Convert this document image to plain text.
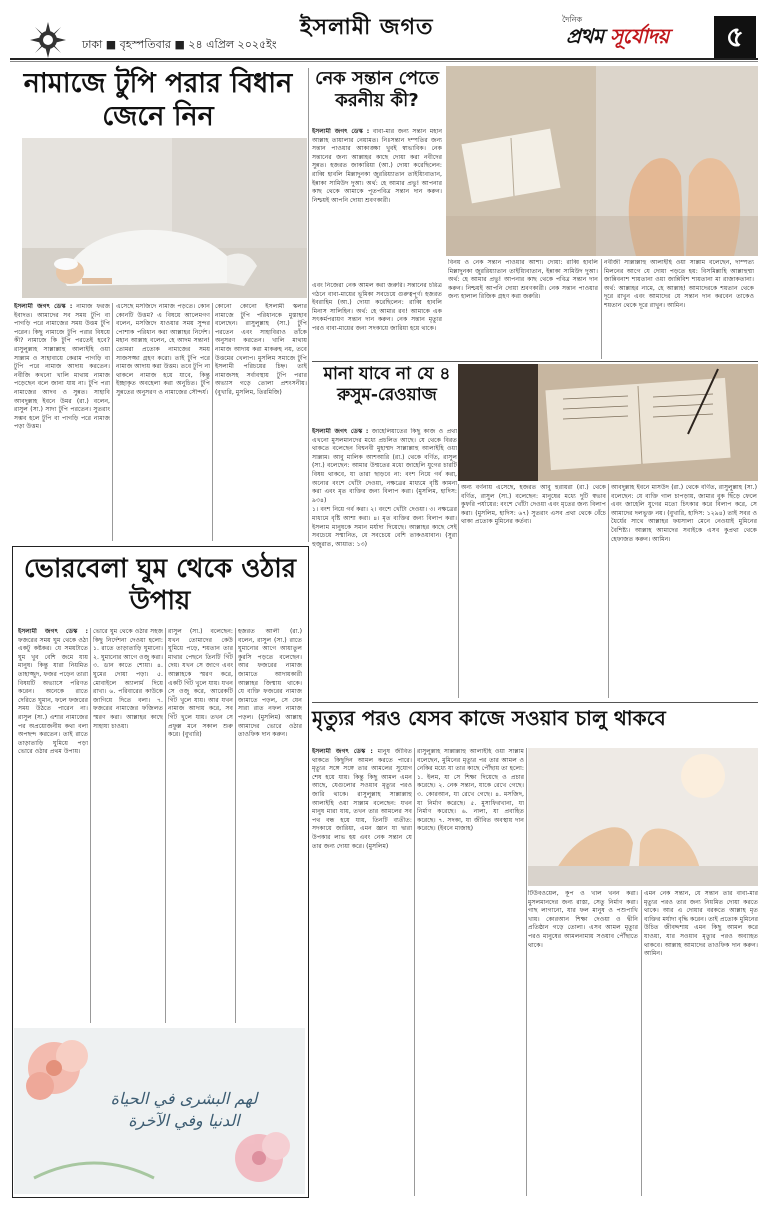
ঢাকা ■ বৃহস্পতিবার ■ ২৪ এপ্রিল ২০২৫ইং
ইসলামী জগত	দৈনিক
প্রথম সূর্যোদয়	৫
নামাজে টুপি পরার বিধান জেনে নিন

ইসলামী জগৎ ডেস্ক : নামাজ ফরজ ইবাদত। আমাদের সব সময় টুপি বা পাগড়ি পরে নামাজের সময় উত্তম টুপি পরেন। কিছু নামাজে টুপি পরার বিষয়ে কী? নামাজে কি টুপি পরতেই হবে? রাসুলুল্লাহ সাল্লাল্লাহু আলাইহি ওয়া সাল্লাম ও সাহাবায়ে কেরাম পাগড়ি বা টুপি পরে নামাজ আদায় করতেন। নবীজি কখনো খালি মাথায় নামাজ পড়েছেন বলে জানা যায় না। টুপি পরা নামাজের আদব ও সুন্নত। সাহাবি আবদুল্লাহ ইবনে উমর (রা.) বলেন, রাসুল (সা.) সাদা টুপি পরতেন। সুতরাং সম্ভব হলে টুপি বা পাগড়ি পরে নামাজ পড়া উত্তম।

এসেছে মসজিদে নামাজ পড়তে। কোন কোনটি উত্তম? এ বিষয়ে আলেমগণ বলেন, মসজিদে যাওয়ার সময় সুন্দর পোশাক পরিধান করা আল্লাহর নির্দেশ। মহান আল্লাহ বলেন, হে আদম সন্তান! তোমরা প্রত্যেক নামাজের সময় সাজসজ্জা গ্রহণ করো। তাই টুপি পরে নামাজ আদায় করা উত্তম। তবে টুপি না থাকলে নামাজ হয়ে যাবে, কিন্তু ইচ্ছাকৃত অবহেলা করা অনুচিত। টুপি সুন্নতের অনুসরণ ও নামাজের সৌন্দর্য।

কোনো কোনো ইসলামী স্কলার নামাজে টুপি পরিধানকে মুস্তাহাব বলেছেন। রাসুলুল্লাহ (সা.) টুপি পরতেন এবং সাহাবিরাও তাঁকে অনুসরণ করতেন। খালি মাথায় নামাজ আদায় করা মাকরুহ নয়, তবে উত্তমের খেলাপ। মুসলিম সমাজে টুপি ইসলামী পরিচয়ের চিহ্ন। তাই নামাজসহ সর্বাবস্থায় টুপি পরার অভ্যাস গড়ে তোলা প্রশংসনীয়। (বুখারি, মুসলিম, তিরমিজি)

নেক সন্তান পেতে করনীয় কী?

ইসলামী জগৎ ডেস্ক : বাবা-মার জন্য সন্তান মহান আল্লাহ তায়ালার নেয়ামত। নিঃসন্তান দম্পতির জন্য সন্তান পাওয়ার আকাঙ্ক্ষা খুবই স্বাভাবিক। নেক সন্তানের জন্য আল্লাহর কাছে দোয়া করা নবীদের সুন্নত। হজরত জাকারিয়া (আ.) দোয়া করেছিলেন: রাব্বি হাবলি মিল্লাদুনকা জুররিয়্যাতান তাইয়্যিবাতান, ইন্নাকা সামিউদ দুআ। অর্থ: হে আমার প্রভু! আপনার কাছ থেকে আমাকে পূতপবিত্র সন্তান দান করুন। নিশ্চয়ই আপনি দোয়া শ্রবণকারী।

এবং নিজেরা নেক আমল করা জরুরি। সন্তানের চরিত্র গঠনে বাবা-মায়ের ভূমিকা সবচেয়ে গুরুত্বপূর্ণ। হজরত ইবরাহিম (আ.) দোয়া করেছিলেন: রাব্বি হাবলি মিনাস সালিহিন। অর্থ: হে আমার রব! আমাকে এক সৎকর্মপরায়ণ সন্তান দান করুন। নেক সন্তান মৃত্যুর পরও বাবা-মায়ের জন্য সদকায়ে জারিয়া হয়ে থাকে।

বিনয় ও নেক সন্তান পাওয়ার আশা। দোয়া: রাব্বি হাবলি মিল্লাদুনকা জুররিয়্যাতান তাইয়্যিবাতান, ইন্নাকা সামিউদ দুআ। অর্থ: হে আমার প্রভু! আপনার কাছ থেকে পবিত্র সন্তান দান করুন। নিশ্চয়ই আপনি দোয়া শ্রবণকারী। নেক সন্তান পাওয়ার জন্য হালাল রিজিক গ্রহণ করা জরুরি।

নবীজী সাল্লাল্লাহু আলাইহি ওয়া সাল্লাম বলেছেন, দাম্পত্য মিলনের আগে যে দোয়া পড়তে হয়: বিসমিল্লাহি আল্লাহুম্মা জান্নিবনাশ শায়তানা ওয়া জান্নিবিশ শায়তানা মা রাজাকতানা। অর্থ: আল্লাহর নামে, হে আল্লাহ! আমাদেরকে শয়তান থেকে দূরে রাখুন এবং আমাদের যে সন্তান দান করবেন তাকেও শয়তান থেকে দূরে রাখুন। আমিন।

মানা যাবে না যে ৪ রুসুম-রেওয়াজ

ইসলামী জগৎ ডেস্ক : জাহেলিয়াতের কিছু কাজ ও প্রথা এখনো মুসলমানদের মধ্যে প্রচলিত আছে। যে থেকে বিরত থাকতে বলেছেন বিশ্বনবী মুহাম্মদ সাল্লাল্লাহু আলাইহি ওয়া সাল্লাম। আবু মালিক আশআরি (রা.) থেকে বর্ণিত, রাসুল (সা.) বলেছেন: আমার উম্মতের মধ্যে জাহেলি যুগের চারটি বিষয় থাকবে, যা তারা ছাড়বে না: বংশ নিয়ে গর্ব করা, অন্যের বংশে খোঁটা দেওয়া, নক্ষত্রের মাধ্যমে বৃষ্টি কামনা করা এবং মৃত ব্যক্তির জন্য বিলাপ করা। (মুসলিম, হাদিস: ৯৩৪)

১। বংশ নিয়ে গর্ব করা। ২। বংশে খোঁটা দেওয়া। ৩। নক্ষত্রের মাধ্যমে বৃষ্টি আশা করা। ৪। মৃত ব্যক্তির জন্য বিলাপ করা। ইসলাম মানুষকে সমান মর্যাদা দিয়েছে। আল্লাহর কাছে সেই সবচেয়ে সম্মানিত, যে সবচেয়ে বেশি তাকওয়াবান। (সুরা হুজুরাত, আয়াত: ১৩)

অন্য বর্ণনায় এসেছে, হজরত আবু হুরায়রা (রা.) থেকে বর্ণিত, রাসুল (সা.) বলেছেন: মানুষের মধ্যে দুটি স্বভাব কুফরি পর্যায়ের: বংশে খোঁটা দেওয়া এবং মৃতের জন্য বিলাপ করা। (মুসলিম, হাদিস: ৬৭) সুতরাং এসব প্রথা থেকে বেঁচে থাকা প্রত্যেক মুমিনের কর্তব্য।

আবদুল্লাহ ইবনে মাসউদ (রা.) থেকে বর্ণিত, রাসুলুল্লাহ (সা.) বলেছেন: যে ব্যক্তি গাল চাপড়ায়, জামার বুক ছিঁড়ে ফেলে এবং জাহেলি যুগের মতো চিৎকার করে বিলাপ করে, সে আমাদের দলভুক্ত নয়। (বুখারি, হাদিস: ১২৯৪) তাই সবর ও ধৈর্যের সাথে আল্লাহর ফয়সালা মেনে নেওয়াই মুমিনের বৈশিষ্ট্য। আল্লাহ আমাদের সবাইকে এসব কুপ্রথা থেকে হেফাজত করুন। আমিন।

ভোরবেলা ঘুম থেকে ওঠার উপায়

ইসলামী জগৎ ডেস্ক : ফজরের সময় ঘুম থেকে ওঠা একটু কষ্টকর। যে সময়টাতে ঘুম খুব বেশি জমে যায় মানুষ। কিন্তু যারা নিয়মিত তাহাজ্জুদ, ফজর পড়েন তারা বিষয়টি অভ্যাসে পরিণত করেন। অনেকে রাতে দেরিতে ঘুমান, ফলে ফজরের সময় উঠতে পারেন না। রাসুল (সা.) এশার নামাজের পর অপ্রয়োজনীয় কথা বলা অপছন্দ করতেন। তাই রাতে তাড়াতাড়ি ঘুমিয়ে পড়া ভোরে ওঠার প্রথম উপায়।

ভোরে ঘুম থেকে ওঠার সহজ কিছু নির্দেশনা দেওয়া হলো: ১. রাতে তাড়াতাড়ি ঘুমানো। ২. ঘুমানোর আগে ওজু করা। ৩. ডান কাতে শোয়া। ৪. ঘুমের দোয়া পড়া। ৫. মোবাইলে অ্যালার্ম দিয়ে রাখা। ৬. পরিবারের কাউকে জাগিয়ে দিতে বলা। ৭. ফজরের নামাজের ফজিলত স্মরণ করা। আল্লাহর কাছে সাহায্য চাওয়া।

রাসুল (সা.) বলেছেন: যখন তোমাদের কেউ ঘুমিয়ে পড়ে, শয়তান তার মাথার পেছনে তিনটি গিঁট দেয়। যখন সে জাগে এবং আল্লাহকে স্মরণ করে, একটি গিঁট খুলে যায়। যখন সে ওজু করে, আরেকটি গিঁট খুলে যায়। আর যখন নামাজ আদায় করে, সব গিঁট খুলে যায়। তখন সে প্রফুল্ল মনে সকাল শুরু করে। (বুখারি)

হজরত আলী (রা.) বলেন, রাসুল (সা.) রাতে ঘুমানোর আগে আয়াতুল কুরসি পড়তে বলেছেন। আর ফজরের নামাজ জামাতে আদায়কারী আল্লাহর জিম্মায় থাকে। যে ব্যক্তি ফজরের নামাজ জামাতে পড়ল, সে যেন সারা রাত নফল নামাজ পড়ল। (মুসলিম) আল্লাহ আমাদের ভোরে ওঠার তাওফিক দান করুন।

لهم البشرى في الحياة الدنيا وفي الآخرة
মৃত্যুর পরও যেসব কাজে সওয়াব চালু থাকবে

ইসলামী জগৎ ডেস্ক : মানুষ জীবিত থাকতে কিছুদিন আমল করতে পারে। মৃত্যুর সঙ্গে সঙ্গে তার আমলের সুযোগ শেষ হয়ে যায়। কিন্তু কিছু আমল এমন আছে, যেগুলোর সওয়াব মৃত্যুর পরও জারি থাকে। রাসুলুল্লাহ সাল্লাল্লাহু আলাইহি ওয়া সাল্লাম বলেছেন: যখন মানুষ মারা যায়, তখন তার আমলের সব পথ বন্ধ হয়ে যায়, তিনটি ব্যতীত: সদকায়ে জারিয়া, এমন জ্ঞান যা দ্বারা উপকার লাভ হয় এবং নেক সন্তান যে তার জন্য দোয়া করে। (মুসলিম)

রাসুলুল্লাহ সাল্লাল্লাহু আলাইহি ওয়া সাল্লাম বলেছেন, মুমিনের মৃত্যুর পর তার আমল ও নেকির মধ্যে যা তার কাছে পৌঁছায় তা হলো: ১. ইলম, যা সে শিক্ষা দিয়েছে ও প্রচার করেছে। ২. নেক সন্তান, যাকে রেখে গেছে। ৩. কোরআন, যা রেখে গেছে। ৪. মসজিদ, যা নির্মাণ করেছে। ৫. মুসাফিরখানা, যা নির্মাণ করেছে। ৬. নালা, যা প্রবাহিত করেছে। ৭. সদকা, যা জীবিত অবস্থায় দান করেছে। (ইবনে মাজাহ)

টিউবওয়েল, কূপ ও খাল খনন করা। মুসলমানদের জন্য রাস্তা, সেতু নির্মাণ করা। গাছ লাগানো, যার ফল মানুষ ও পশুপাখি খায়। কোরআন শিক্ষা দেওয়া ও দ্বীনি প্রতিষ্ঠান গড়ে তোলা। এসব আমল মৃত্যুর পরও মানুষের আমলনামায় সওয়াব পৌঁছাতে থাকে।

এমন নেক সন্তান, যে সন্তান তার বাবা-মার মৃত্যুর পরও তার জন্য নিয়মিত দোয়া করতে থাকে। আর এ দোয়ার বরকতে আল্লাহ মৃত ব্যক্তির মর্যাদা বৃদ্ধি করেন। তাই প্রত্যেক মুমিনের উচিত জীবদ্দশায় এমন কিছু আমল করে যাওয়া, যার সওয়াব মৃত্যুর পরও অব্যাহত থাকবে। আল্লাহ আমাদের তাওফিক দান করুন। আমিন।
